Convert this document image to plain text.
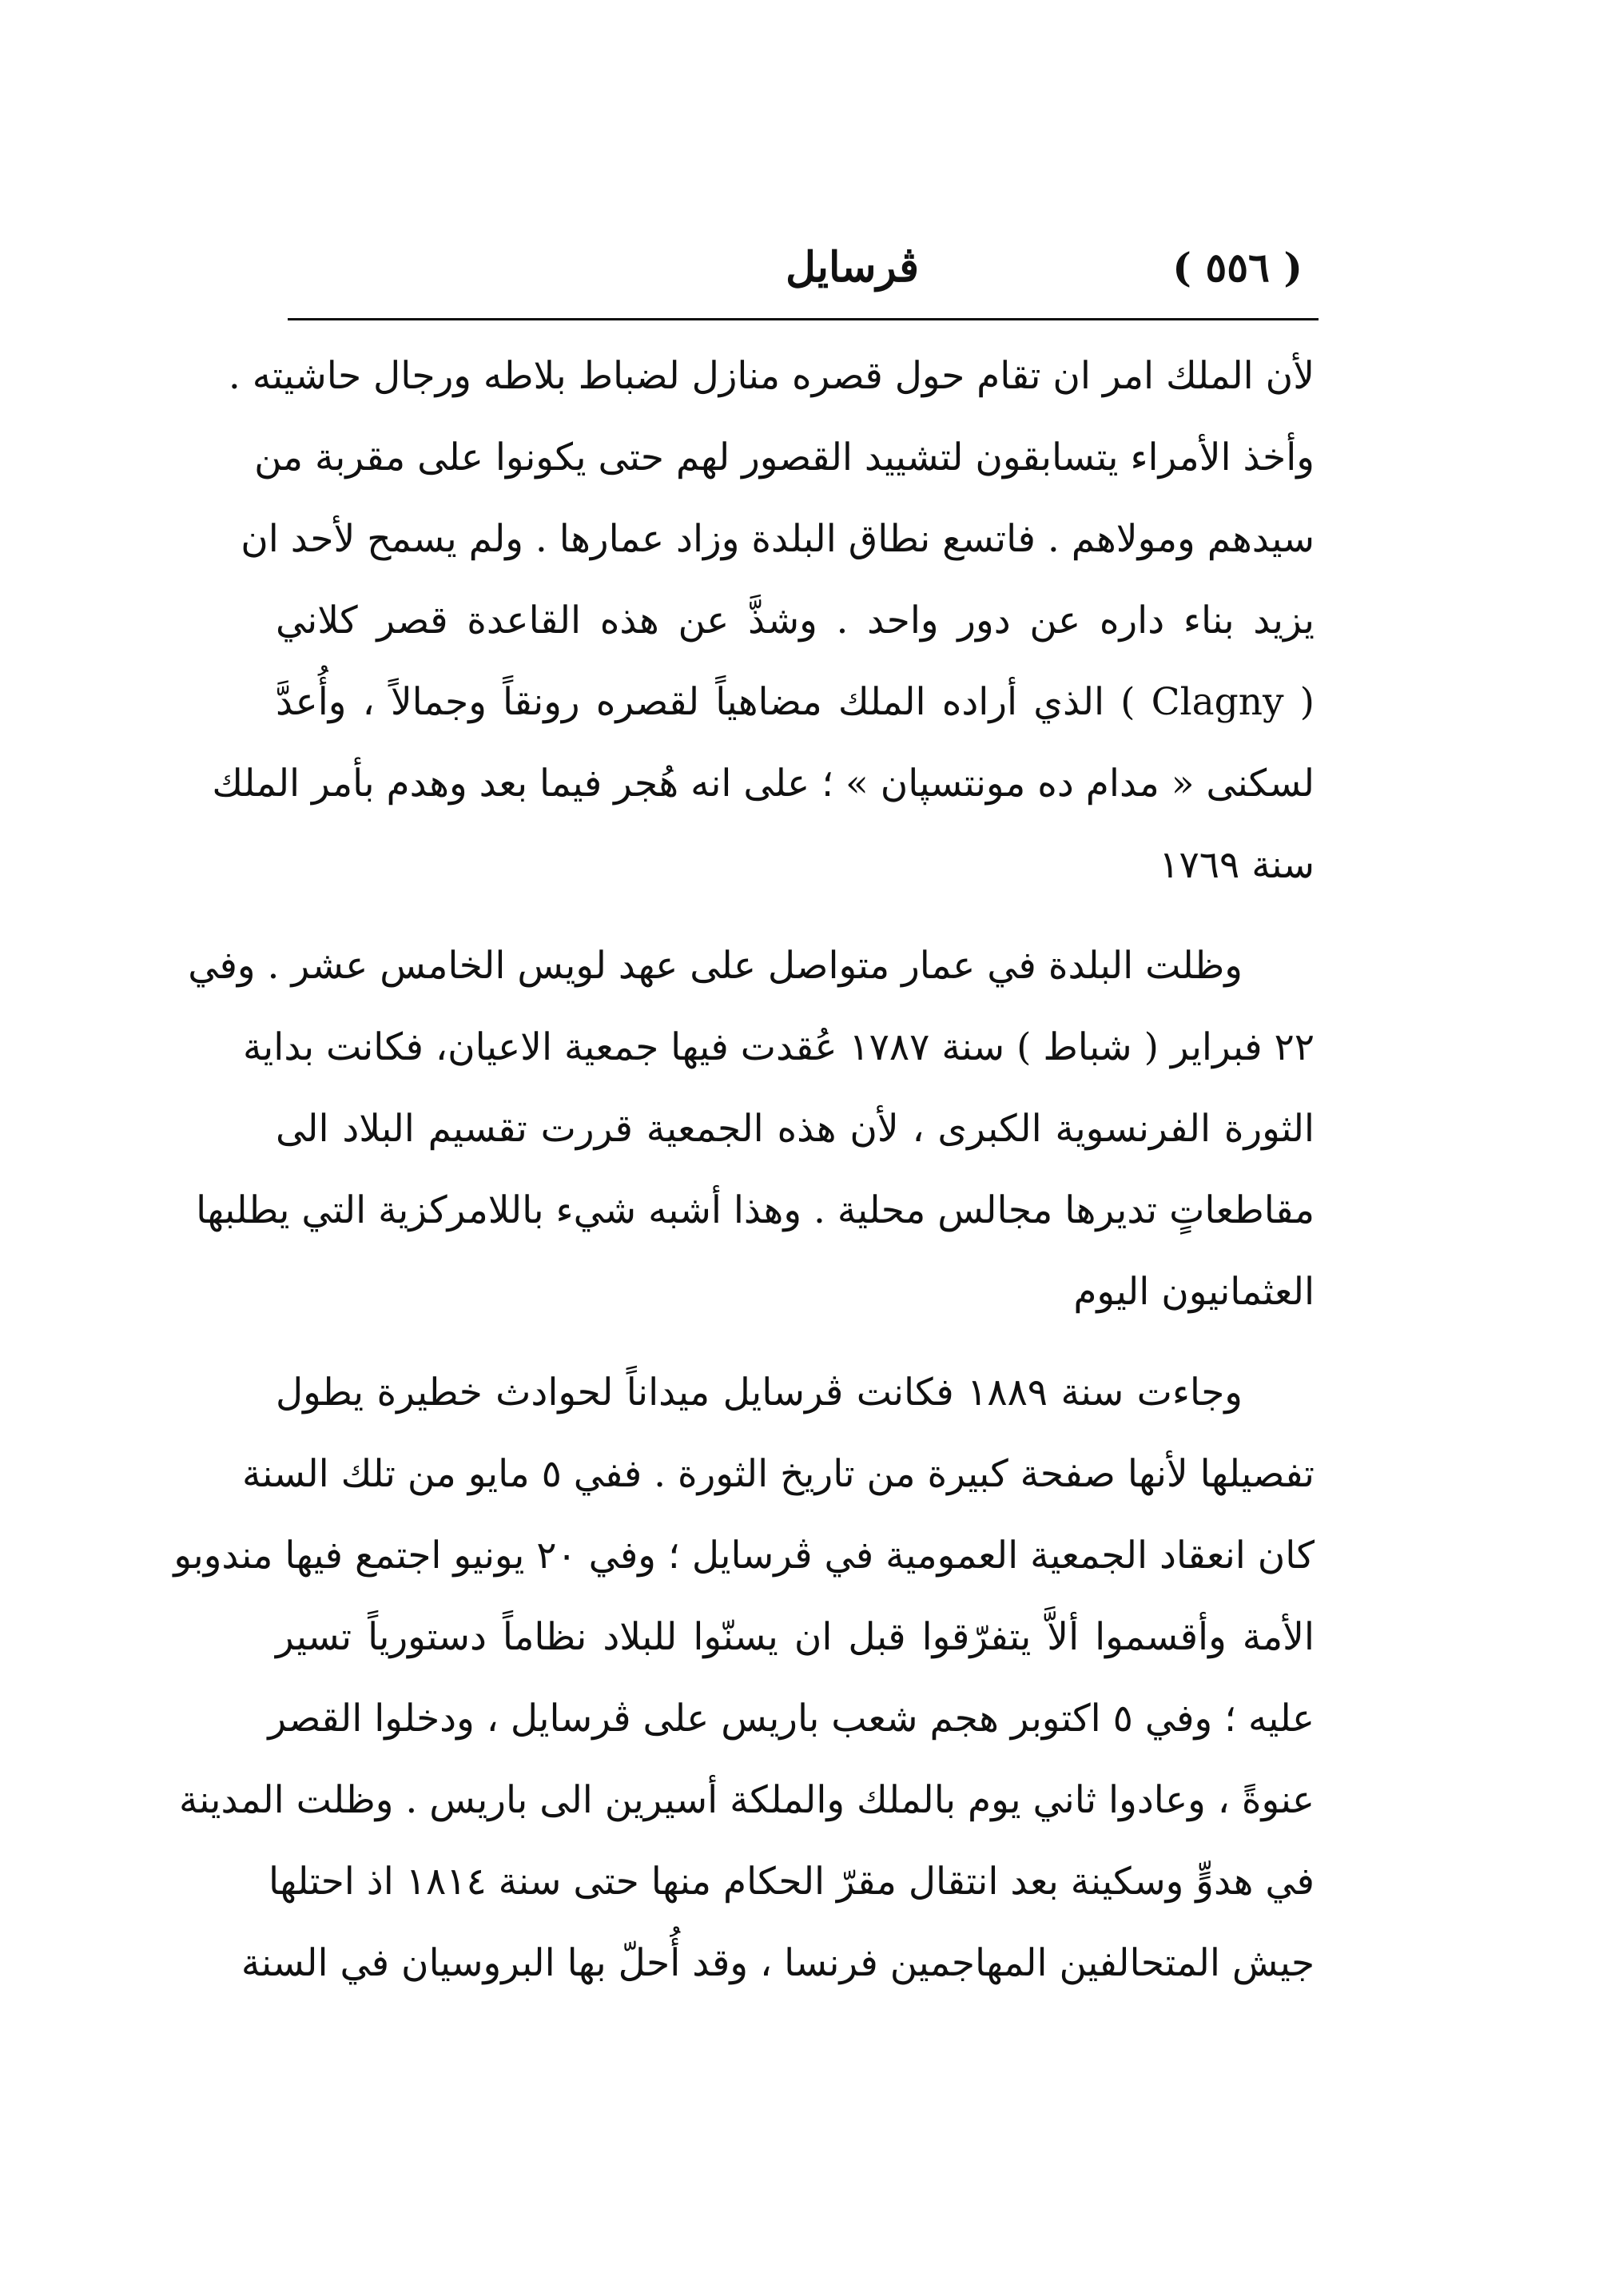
( ٥٥٦ )
ڤرسايل
لأن الملك امر ان تقام حول قصره منازل لضباط بلاطه ورجال حاشيته .
وأخذ الأمراء يتسابقون لتشييد القصور لهم حتى يكونوا على مقربة من
سيدهم ومولاهم . فاتسع نطاق البلدة وزاد عمارها . ولم يسمح لأحد ان
يزيد بناء داره عن دور واحد . وشذَّ عن هذه القاعدة قصر كلاني
( Clagny ) الذي أراده الملك مضاهياً لقصره رونقاً وجمالاً ، وأُعدَّ
لسكنى « مدام ده مونتسپان » ؛ على انه هُجر فيما بعد وهدم بأمر الملك
سنة ١٧٦٩
وظلت البلدة في عمار متواصل على عهد لويس الخامس عشر . وفي
٢٢ فبراير ( شباط ) سنة ١٧٨٧ عُقدت فيها جمعية الاعيان، فكانت بداية
الثورة الفرنسوية الكبرى ، لأن هذه الجمعية قررت تقسيم البلاد الى
مقاطعاتٍ تديرها مجالس محلية . وهذا أشبه شيء باللامركزية التي يطلبها
العثمانيون اليوم
وجاءت سنة ١٨٨٩ فكانت ڤرسايل ميداناً لحوادث خطيرة يطول
تفصيلها لأنها صفحة كبيرة من تاريخ الثورة . ففي ٥ مايو من تلك السنة
كان انعقاد الجمعية العمومية في ڤرسايل ؛ وفي ٢٠ يونيو اجتمع فيها مندوبو
الأمة وأقسموا ألاَّ يتفرّقوا قبل ان يسنّوا للبلاد نظاماً دستورياً تسير
عليه ؛ وفي ٥ اكتوبر هجم شعب باريس على ڤرسايل ، ودخلوا القصر
عنوةً ، وعادوا ثاني يوم بالملك والملكة أسيرين الى باريس . وظلت المدينة
في هدوٍّ وسكينة بعد انتقال مقرّ الحكام منها حتى سنة ١٨١٤ اذ احتلها
جيش المتحالفين المهاجمين فرنسا ، وقد أُحلّ بها البروسيان في السنة
